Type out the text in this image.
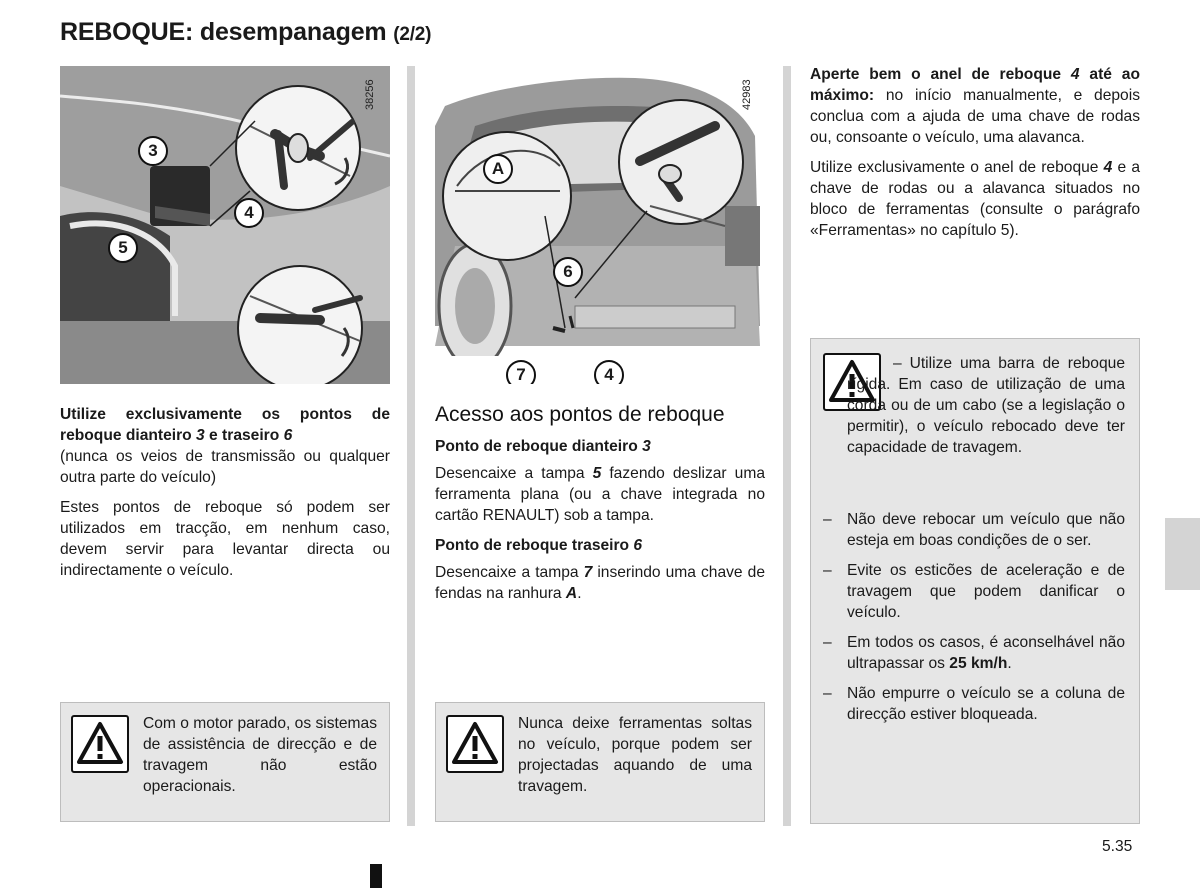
REBOQUE: desempanagem (2/2)
38256
3
4
5
42983
A
6
7	4

Utilize exclusivamente os pontos de reboque dianteiro 3 e traseiro 6
(nunca os veios de transmissão ou qualquer outra parte do veículo)

Estes pontos de reboque só podem ser utilizados em tracção, em nenhum caso, devem servir para levantar directa ou indirectamente o veículo.

Com o motor parado, os sistemas de assistência de direcção e de travagem não estão operacionais.
Acesso aos pontos de reboque
Ponto de reboque dianteiro 3

Desencaixe a tampa 5 fazendo deslizar uma ferramenta plana (ou a chave integrada no cartão RENAULT) sob a tampa.

Ponto de reboque traseiro 6

Desencaixe a tampa 7 inserindo uma chave de fendas na ranhura A.

Nunca deixe ferramentas soltas no veículo, porque podem ser projectadas aquando de uma travagem.

Aperte bem o anel de reboque 4 até ao máximo: no início manualmente, e depois conclua com a ajuda de uma chave de rodas ou, consoante o veículo, uma alavanca.

Utilize exclusivamente o anel de reboque 4 e a chave de rodas ou a alavanca situados no bloco de ferramentas (consulte o parágrafo «Ferramentas» no capítulo 5).

– Utilize uma barra de reboque rígida. Em caso de utilização de uma corda ou de um cabo (se a legislação o permitir), o veículo rebocado deve ter capacidade de travagem.
– Não deve rebocar um veículo que não esteja em boas condições de o ser.
– Evite os esticões de aceleração e de travagem que podem danificar o veículo.
– Em todos os casos, é aconselhável não ultrapassar os 25 km/h.
– Não empurre o veículo se a coluna de direcção estiver bloqueada.
5.35
